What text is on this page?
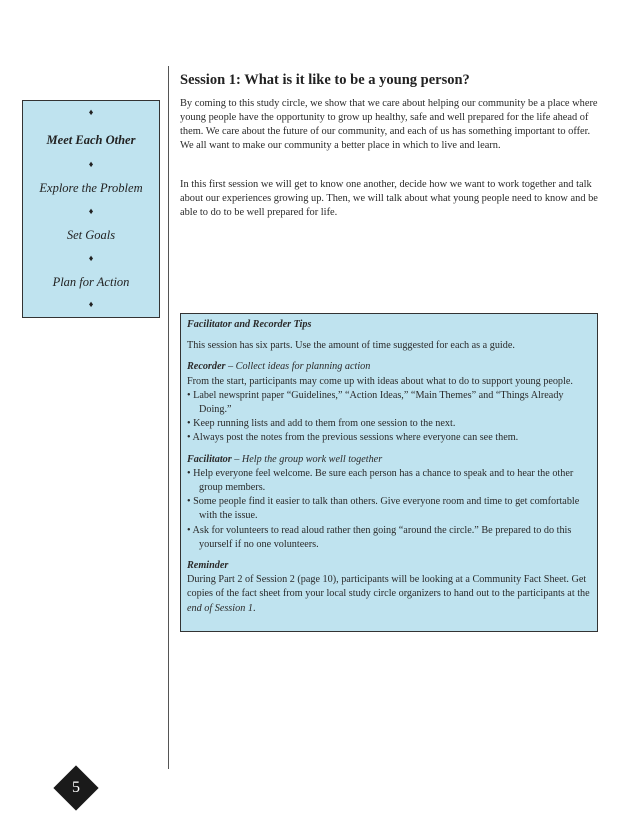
♦
Meet Each Other
♦
Explore the Problem
♦
Set Goals
♦
Plan for Action
♦
Session 1: What is it like to be a young person?

By coming to this study circle, we show that we care about helping our community be a place where young people have the opportunity to grow up healthy, safe and well prepared for the life ahead of them. We care about the future of our community, and each of us has something important to offer. We all want to make our community a better place in which to live and learn.

In this first session we will get to know one another, decide how we want to work together and talk about our experiences growing up. Then, we will talk about what young people need to know and be able to do to be well prepared for life.

Facilitator and Recorder Tips

This session has six parts. Use the amount of time suggested for each as a guide.

Recorder – Collect ideas for planning action

From the start, participants may come up with ideas about what to do to support young people.

• Label newsprint paper “Guidelines,” “Action Ideas,” “Main Themes” and “Things Already Doing.”

• Keep running lists and add to them from one session to the next.

• Always post the notes from the previous sessions where everyone can see them.

Facilitator – Help the group work well together

• Help everyone feel welcome. Be sure each person has a chance to speak and to hear the other group members.

• Some people find it easier to talk than others. Give everyone room and time to get comfortable with the issue.

• Ask for volunteers to read aloud rather then going “around the circle.” Be prepared to do this yourself if no one volunteers.

Reminder

During Part 2 of Session 2 (page 10), participants will be looking at a Community Fact Sheet. Get copies of the fact sheet from your local study circle organizers to hand out to the participants at the end of Session 1.

5
